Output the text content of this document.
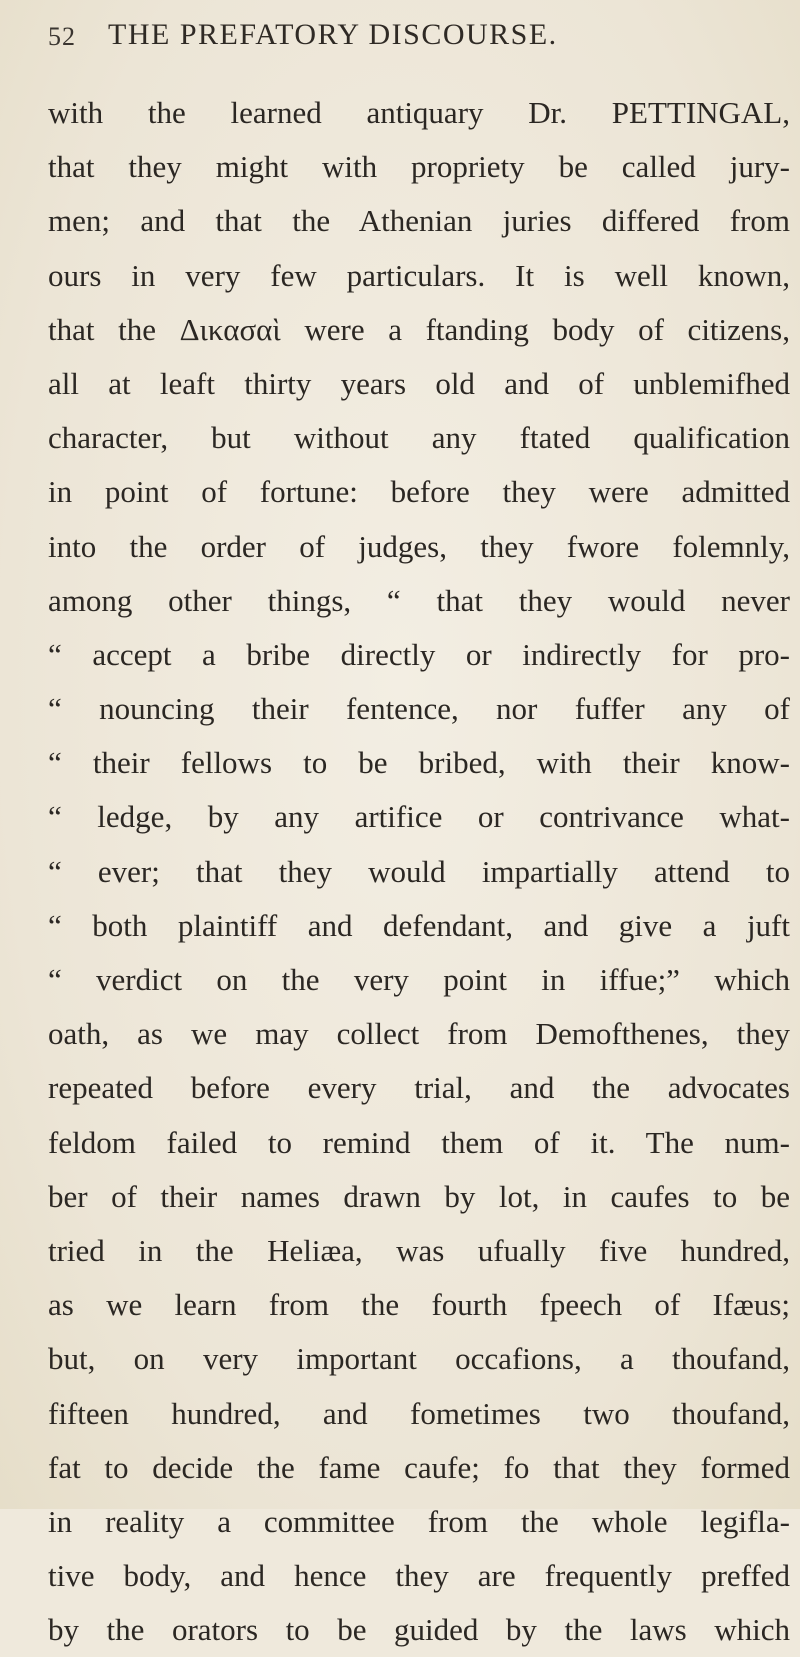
52 THE PREFATORY DISCOURSE.
with the learned antiquary Dr. PETTINGAL,
that they might with propriety be called jury-
men; and that the Athenian juries differed from
ours in very few particulars. It is well known,
that the Δικασαὶ were a ftanding body of citizens,
all at leaft thirty years old and of unblemifhed
character, but without any ftated qualification
in point of fortune: before they were admitted
into the order of judges, they fwore folemnly,
among other things, “ that they would never
“ accept a bribe directly or indirectly for pro-
“ nouncing their fentence, nor fuffer any of
“ their fellows to be bribed, with their know-
“ ledge, by any artifice or contrivance what-
“ ever; that they would impartially attend to
“ both plaintiff and defendant, and give a juft
“ verdict on the very point in iffue;” which
oath, as we may collect from Demofthenes, they
repeated before every trial, and the advocates
feldom failed to remind them of it. The num-
ber of their names drawn by lot, in caufes to be
tried in the Heliæa, was ufually five hundred,
as we learn from the fourth fpeech of Ifæus;
but, on very important occafions, a thoufand,
fifteen hundred, and fometimes two thoufand,
fat to decide the fame caufe; fo that they formed
in reality a committee from the whole legifla-
tive body, and hence they are frequently preffed
by the orators to be guided by the laws which
